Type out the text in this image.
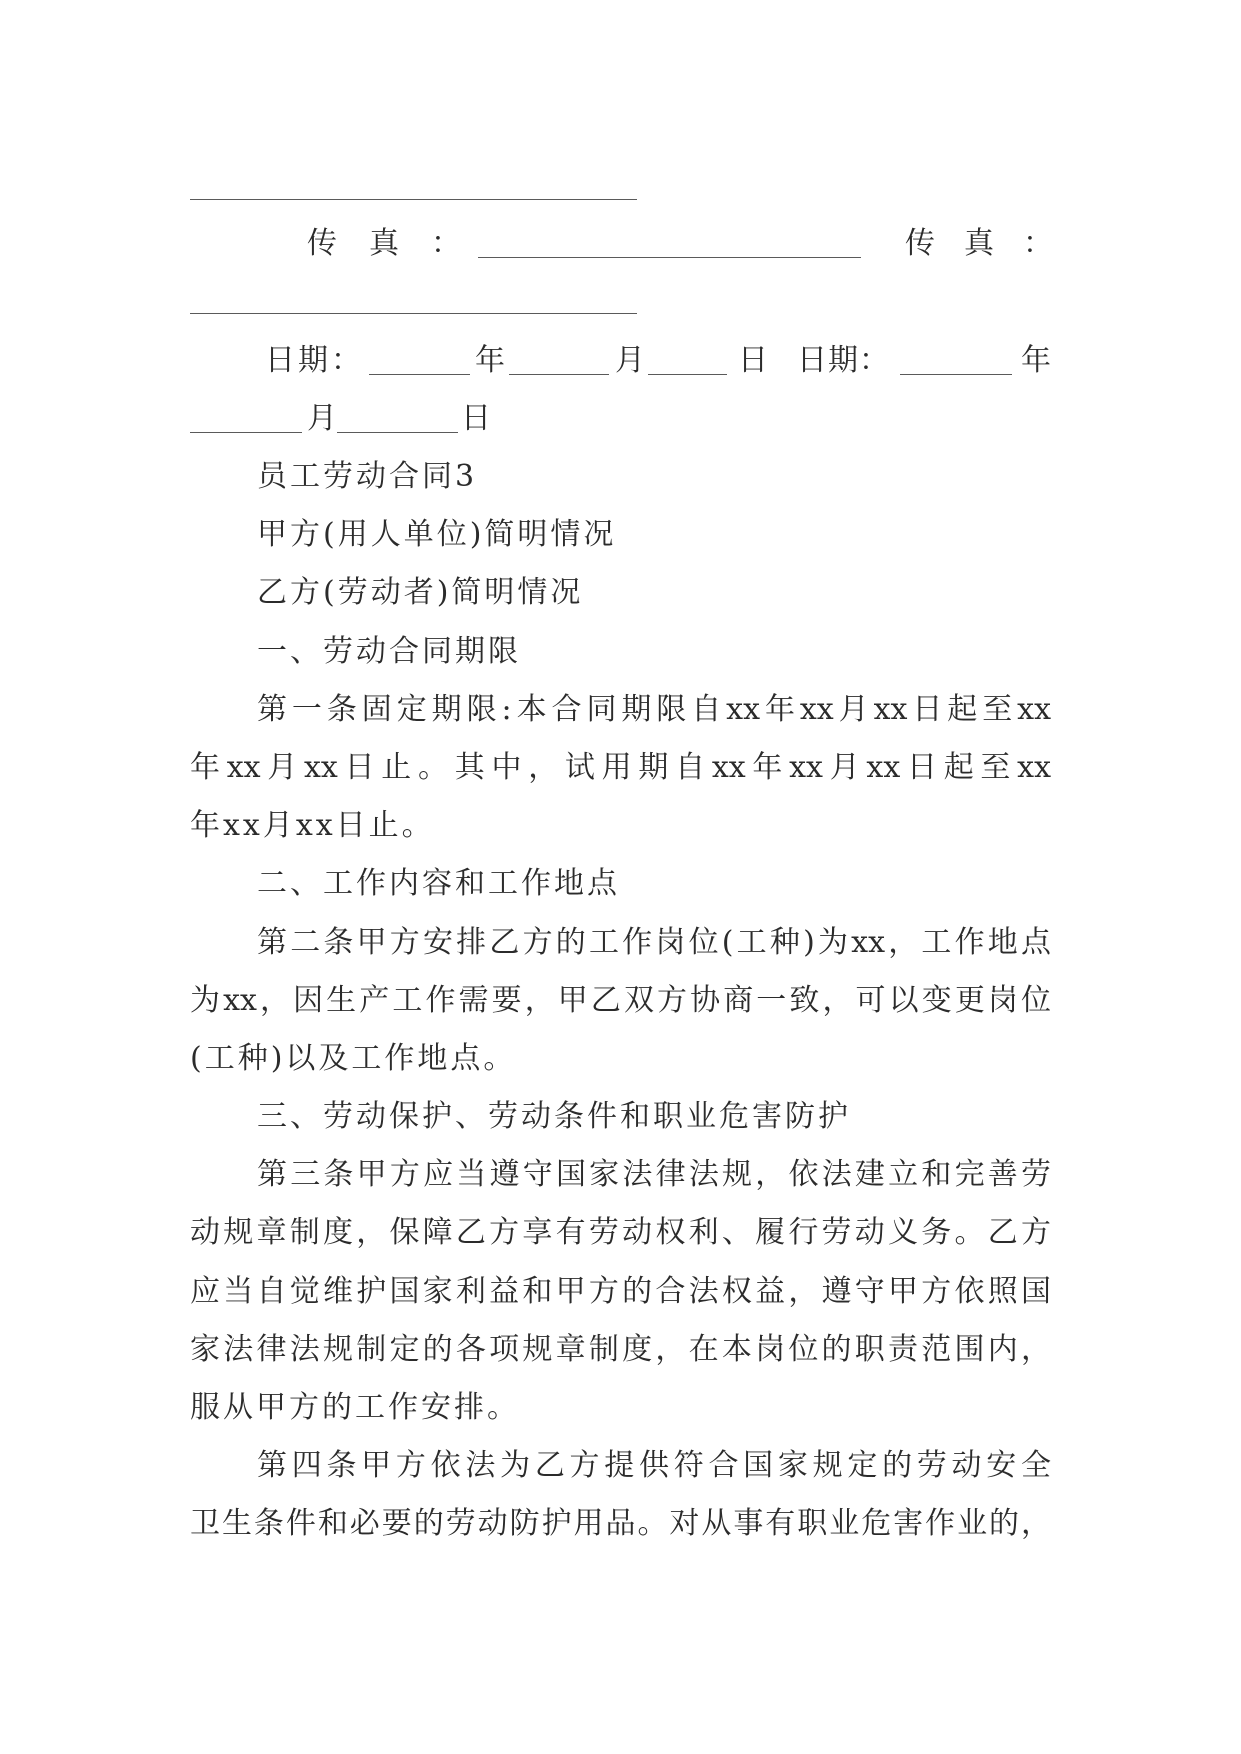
传真：	传真：
日期：	年	月	日 日期：	年
月	日
员工劳动合同3
甲方(用人单位)简明情况
乙方(劳动者)简明情况
一、劳动合同期限
第一条固定期限:本合同期限自xx年xx月xx日起至xx
年xx月xx日止。其中，试用期自xx年xx月xx日起至xx
年xx月xx日止。
二、工作内容和工作地点
第二条甲方安排乙方的工作岗位(工种)为xx，工作地点
为xx，因生产工作需要，甲乙双方协商一致，可以变更岗位
(工种)以及工作地点。
三、劳动保护、劳动条件和职业危害防护
第三条甲方应当遵守国家法律法规，依法建立和完善劳
动规章制度，保障乙方享有劳动权利、履行劳动义务。乙方
应当自觉维护国家利益和甲方的合法权益，遵守甲方依照国
家法律法规制定的各项规章制度，在本岗位的职责范围内，
服从甲方的工作安排。
第四条甲方依法为乙方提供符合国家规定的劳动安全
卫生条件和必要的劳动防护用品。对从事有职业危害作业的，
